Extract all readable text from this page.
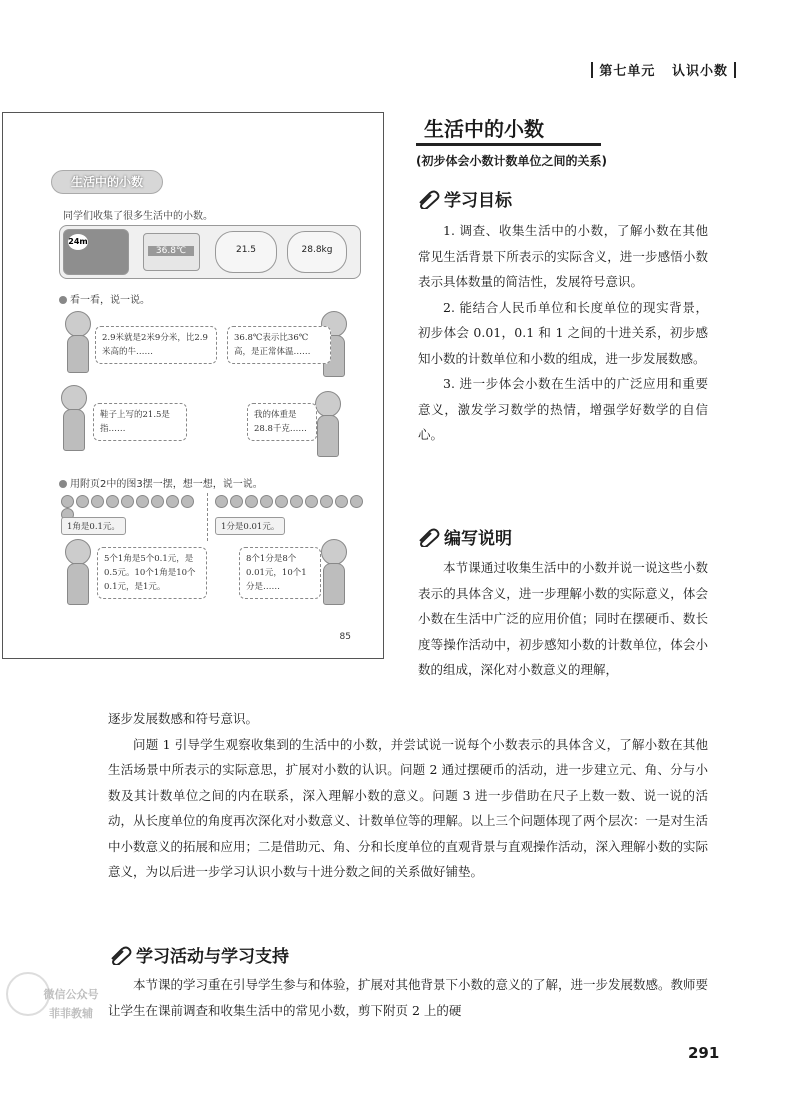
第七单元 认识小数
生活中的小数
同学们收集了很多生活中的小数。
24m
36.8℃	21.5	28.8kg
看一看，说一说。
2.9米就是2米9分米，比2.9米高的牛……
36.8℃表示比36℃高，是正常体温……
鞋子上写的21.5是指……
我的体重是28.8千克……
用附页2中的图3摆一摆，想一想，说一说。
1角是0.1元。	1分是0.01元。
5个1角是5个0.1元，是0.5元。10个1角是10个0.1元，是1元。
8个1分是8个0.01元，10个1分是……
85
生活中的小数
(初步体会小数计数单位之间的关系)
学习目标

1. 调查、收集生活中的小数，了解小数在其他常见生活背景下所表示的实际含义，进一步感悟小数表示具体数量的简洁性，发展符号意识。

2. 能结合人民币单位和长度单位的现实背景，初步体会 0.01，0.1 和 1 之间的十进关系，初步感知小数的计数单位和小数的组成，进一步发展数感。

3. 进一步体会小数在生活中的广泛应用和重要意义，激发学习数学的热情，增强学好数学的自信心。

编写说明

本节课通过收集生活中的小数并说一说这些小数表示的具体含义，进一步理解小数的实际意义，体会小数在生活中广泛的应用价值；同时在摆硬币、数长度等操作活动中，初步感知小数的计数单位，体会小数的组成，深化对小数意义的理解，

逐步发展数感和符号意识。

问题 1 引导学生观察收集到的生活中的小数，并尝试说一说每个小数表示的具体含义，了解小数在其他生活场景中所表示的实际意思，扩展对小数的认识。问题 2 通过摆硬币的活动，进一步建立元、角、分与小数及其计数单位之间的内在联系，深入理解小数的意义。问题 3 进一步借助在尺子上数一数、说一说的活动，从长度单位的角度再次深化对小数意义、计数单位等的理解。以上三个问题体现了两个层次：一是对生活中小数意义的拓展和应用；二是借助元、角、分和长度单位的直观背景与直观操作活动，深入理解小数的实际意义，为以后进一步学习认识小数与十进分数之间的关系做好铺垫。

学习活动与学习支持

本节课的学习重在引导学生参与和体验，扩展对其他背景下小数的意义的了解，进一步发展数感。教师要让学生在课前调查和收集生活中的常见小数，剪下附页 2 上的硬

微信公众号
菲菲教辅
291
